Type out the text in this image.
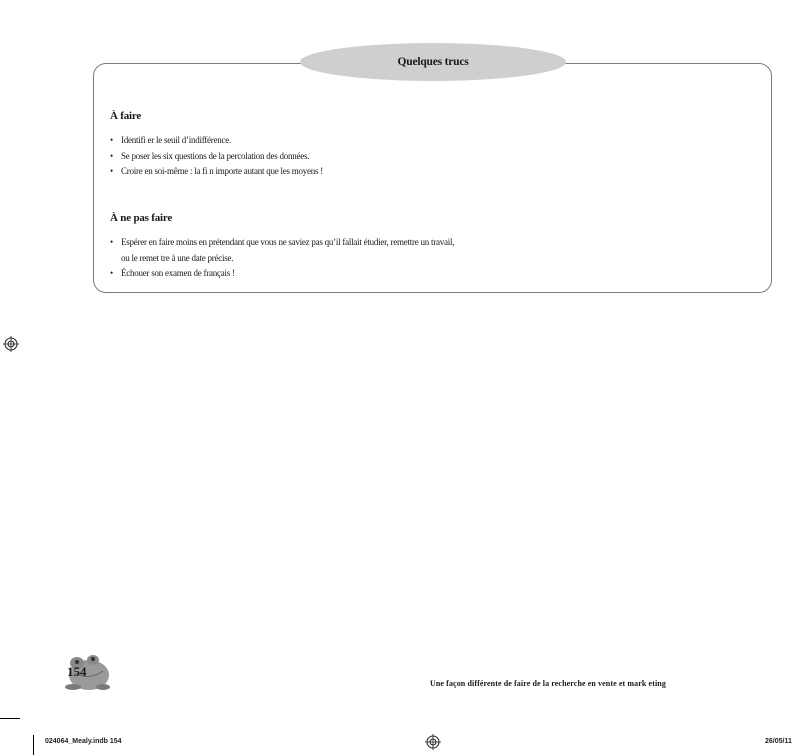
Quelques trucs
À faire
• Identifi er le seuil d’indifférence.
• Se poser les six questions de la percolation des données.
• Croire en soi-même : la fi n importe autant que les moyens !
À ne pas faire
• Espérer en faire moins en prétendant que vous ne saviez pas qu’il fallait étudier, remettre un travail,
ou le remet tre à une date précise.
• Échouer son examen de français !
154
Une façon différente de faire de la recherche en vente et mark eting
024064_Mealy.indb 154	26/05/11
